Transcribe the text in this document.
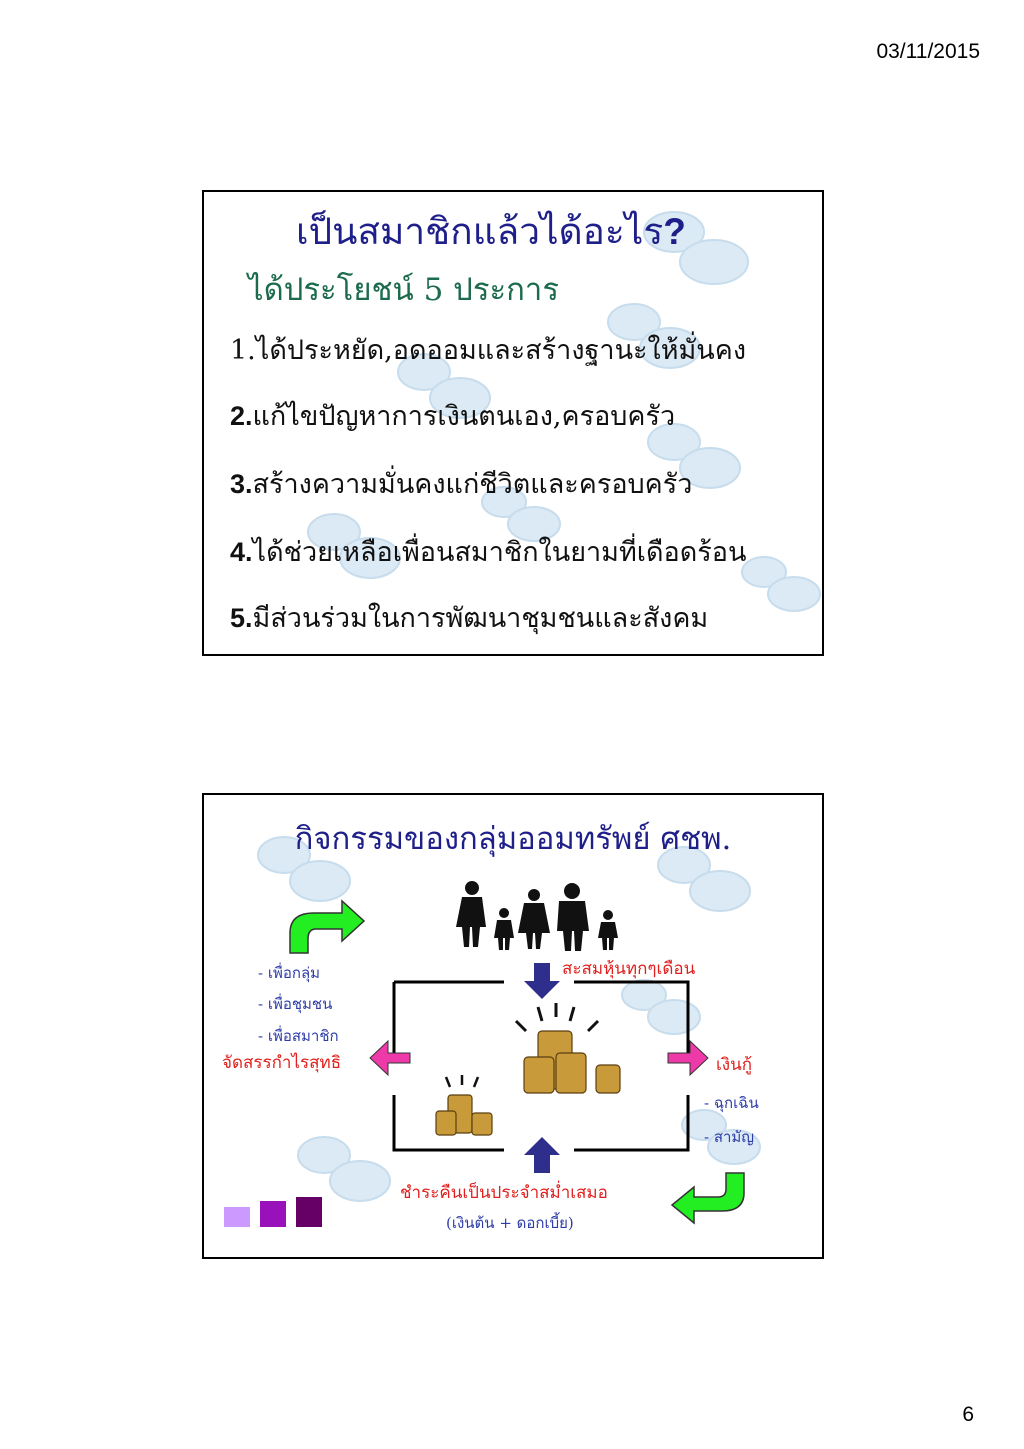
03/11/2015
เป็นสมาชิกแล้วได้อะไร?
ได้ประโยชน์ 5 ประการ
1.ได้ประหยัด,อดออมและสร้างฐานะให้มั่นคง
2.แก้ไขปัญหาการเงินตนเอง,ครอบครัว
3.สร้างความมั่นคงแก่ชีวิตและครอบครัว
4.ได้ช่วยเหลือเพื่อนสมาชิกในยามที่เดือดร้อน
5.มีส่วนร่วมในการพัฒนาชุมชนและสังคม
กิจกรรมของกลุ่มออมทรัพย์ ศชพ.
สะสมหุ้นทุกๆเดือน
- เพื่อกลุ่ม
- เพื่อชุมชน
- เพื่อสมาชิก
จัดสรรกำไรสุทธิ	เงินกู้
- ฉุกเฉิน
- สามัญ
ชำระคืนเป็นประจำสม่ำเสมอ
(เงินต้น + ดอกเบี้ย)
6
